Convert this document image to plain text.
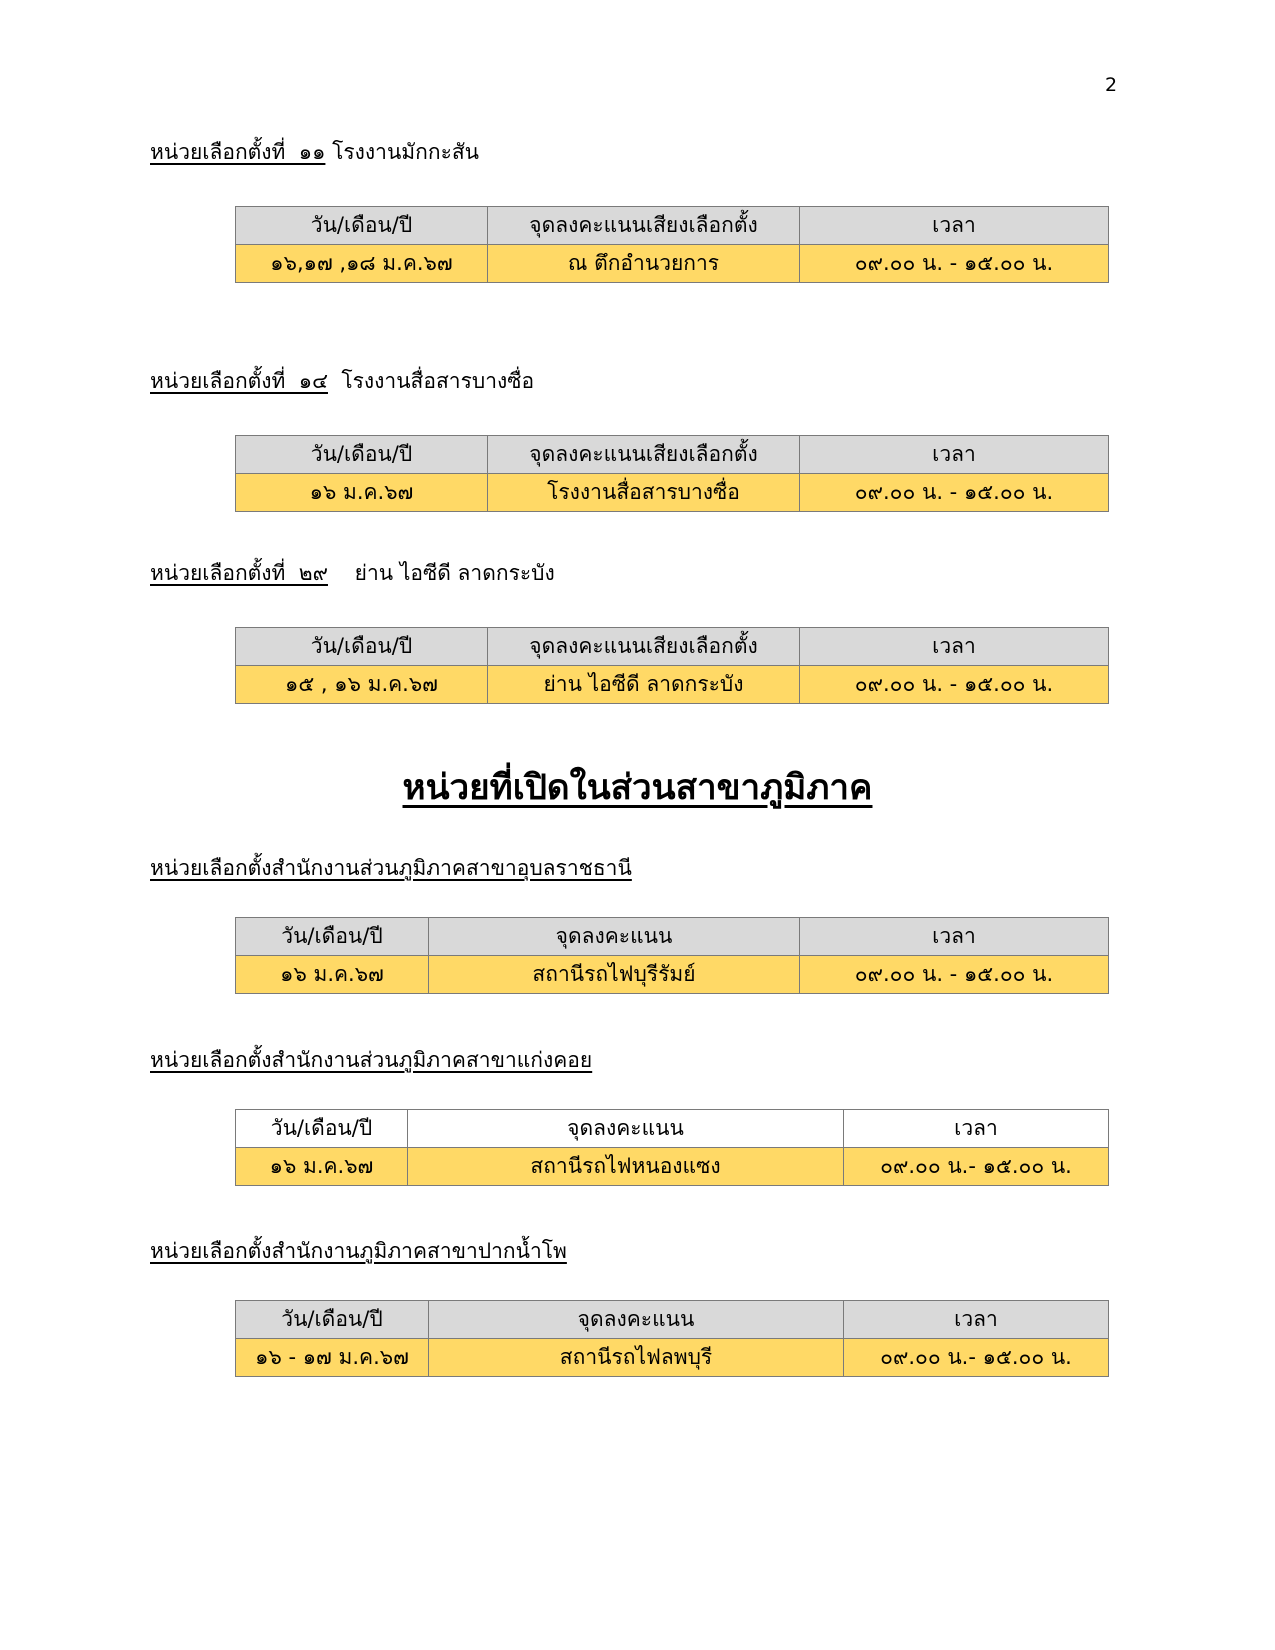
2
หน่วยเลือกตั้งที่  ๑๑ โรงงานมักกะสัน
วัน/เดือน/ปี	จุดลงคะแนนเสียงเลือกตั้ง	เวลา
๑๖,๑๗ ,๑๘ ม.ค.๖๗	ณ ตึกอำนวยการ	๐๙.๐๐ น. - ๑๕.๐๐ น.
หน่วยเลือกตั้งที่  ๑๔  โรงงานสื่อสารบางซื่อ
วัน/เดือน/ปี	จุดลงคะแนนเสียงเลือกตั้ง	เวลา
๑๖ ม.ค.๖๗	โรงงานสื่อสารบางซื่อ	๐๙.๐๐ น. - ๑๕.๐๐ น.
หน่วยเลือกตั้งที่  ๒๙    ย่าน ไอซีดี ลาดกระบัง
วัน/เดือน/ปี	จุดลงคะแนนเสียงเลือกตั้ง	เวลา
๑๕ , ๑๖ ม.ค.๖๗	ย่าน ไอซีดี ลาดกระบัง	๐๙.๐๐ น. - ๑๕.๐๐ น.
หน่วยที่เปิดในส่วนสาขาภูมิภาค
หน่วยเลือกตั้งสำนักงานส่วนภูมิภาคสาขาอุบลราชธานี
วัน/เดือน/ปี	จุดลงคะแนน	เวลา
๑๖ ม.ค.๖๗	สถานีรถไฟบุรีรัมย์	๐๙.๐๐ น. - ๑๕.๐๐ น.
หน่วยเลือกตั้งสำนักงานส่วนภูมิภาคสาขาแก่งคอย
วัน/เดือน/ปี	จุดลงคะแนน	เวลา
๑๖ ม.ค.๖๗	สถานีรถไฟหนองแซง	๐๙.๐๐ น.- ๑๕.๐๐ น.
หน่วยเลือกตั้งสำนักงานภูมิภาคสาขาปากน้ำโพ
วัน/เดือน/ปี	จุดลงคะแนน	เวลา
๑๖ - ๑๗ ม.ค.๖๗	สถานีรถไฟลพบุรี	๐๙.๐๐ น.- ๑๕.๐๐ น.
